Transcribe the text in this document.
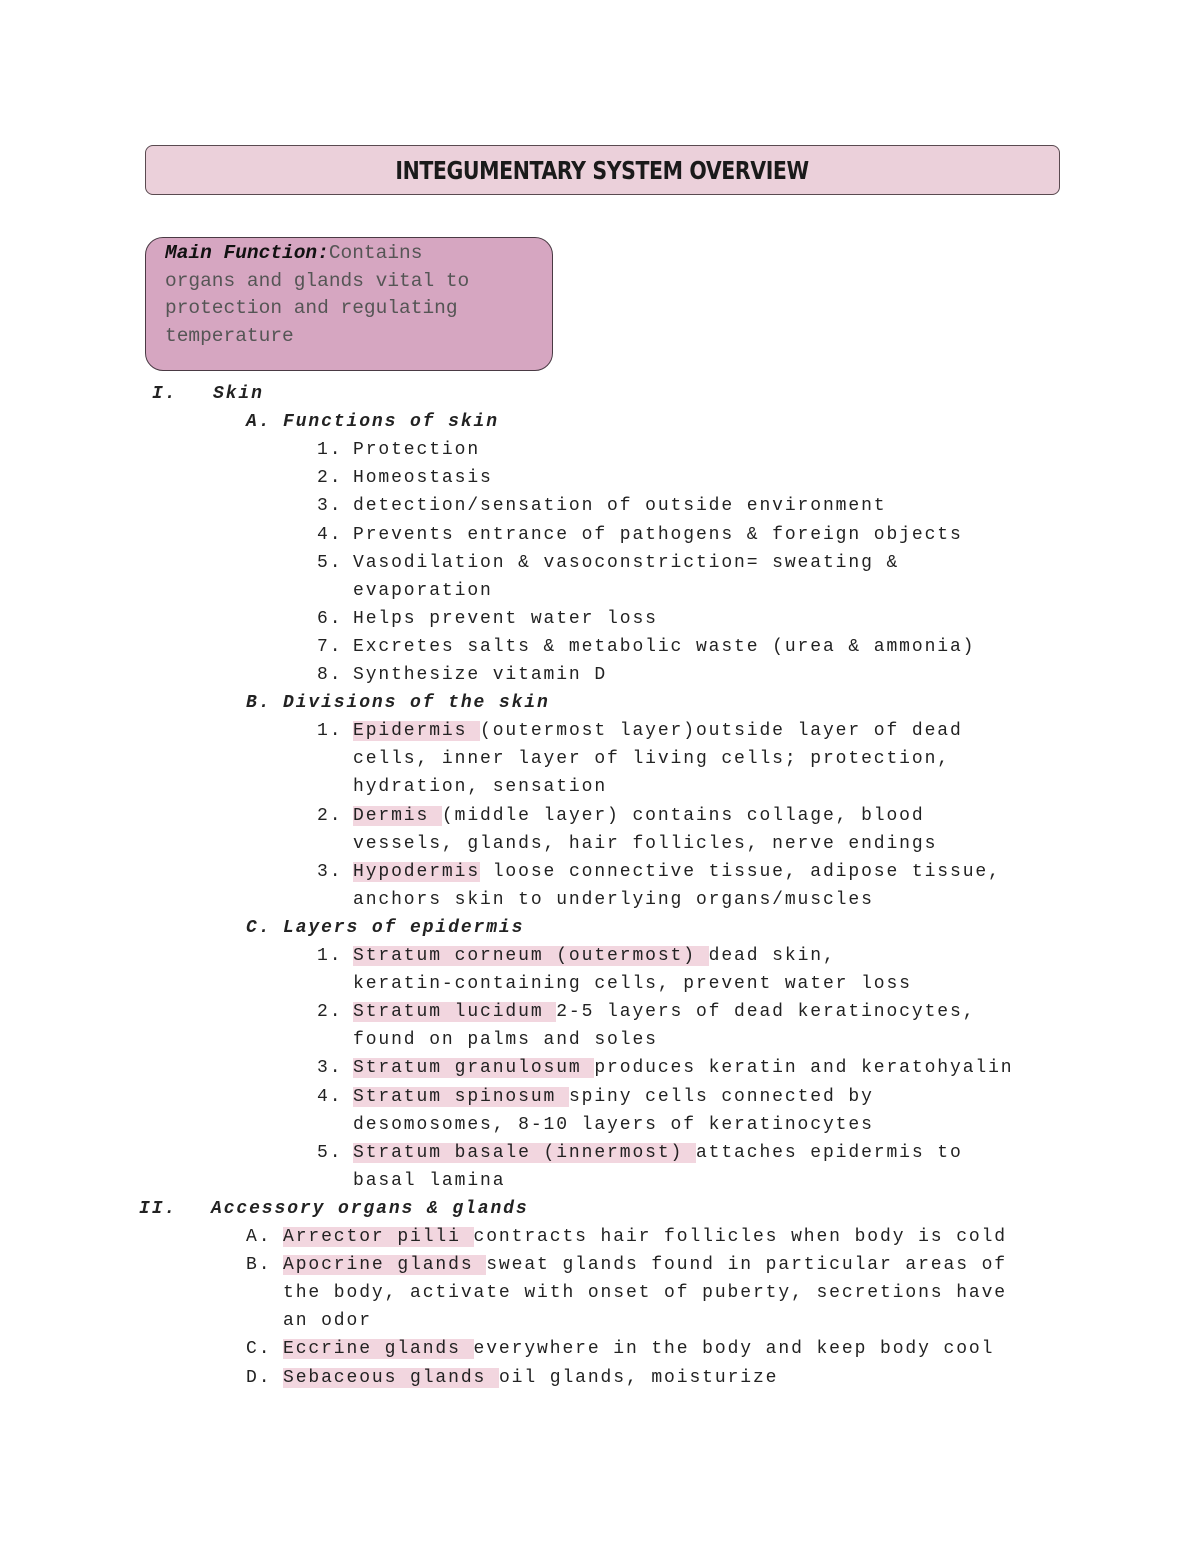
INTEGUMENTARY SYSTEM OVERVIEW
Main Function:Contains
organs and glands vital to
protection and regulating
temperature
I. Skin
A. Functions of skin
1. Protection
2. Homeostasis
3. detection/sensation of outside environment
4. Prevents entrance of pathogens & foreign objects
5. Vasodilation & vasoconstriction= sweating &
evaporation
6. Helps prevent water loss
7. Excretes salts & metabolic waste (urea & ammonia)
8. Synthesize vitamin D
B. Divisions of the skin
1. Epidermis (outermost layer)outside layer of dead
cells, inner layer of living cells; protection,
hydration, sensation
2. Dermis (middle layer) contains collage, blood
vessels, glands, hair follicles, nerve endings
3. Hypodermis loose connective tissue, adipose tissue,
anchors skin to underlying organs/muscles
C. Layers of epidermis
1. Stratum corneum (outermost) dead skin,
keratin-containing cells, prevent water loss
2. Stratum lucidum 2-5 layers of dead keratinocytes,
found on palms and soles
3. Stratum granulosum produces keratin and keratohyalin
4. Stratum spinosum spiny cells connected by
desomosomes, 8-10 layers of keratinocytes
5. Stratum basale (innermost) attaches epidermis to
basal lamina
II. Accessory organs & glands
A. Arrector pilli contracts hair follicles when body is cold
B. Apocrine glands sweat glands found in particular areas of
the body, activate with onset of puberty, secretions have
an odor
C. Eccrine glands everywhere in the body and keep body cool
D. Sebaceous glands oil glands, moisturize
